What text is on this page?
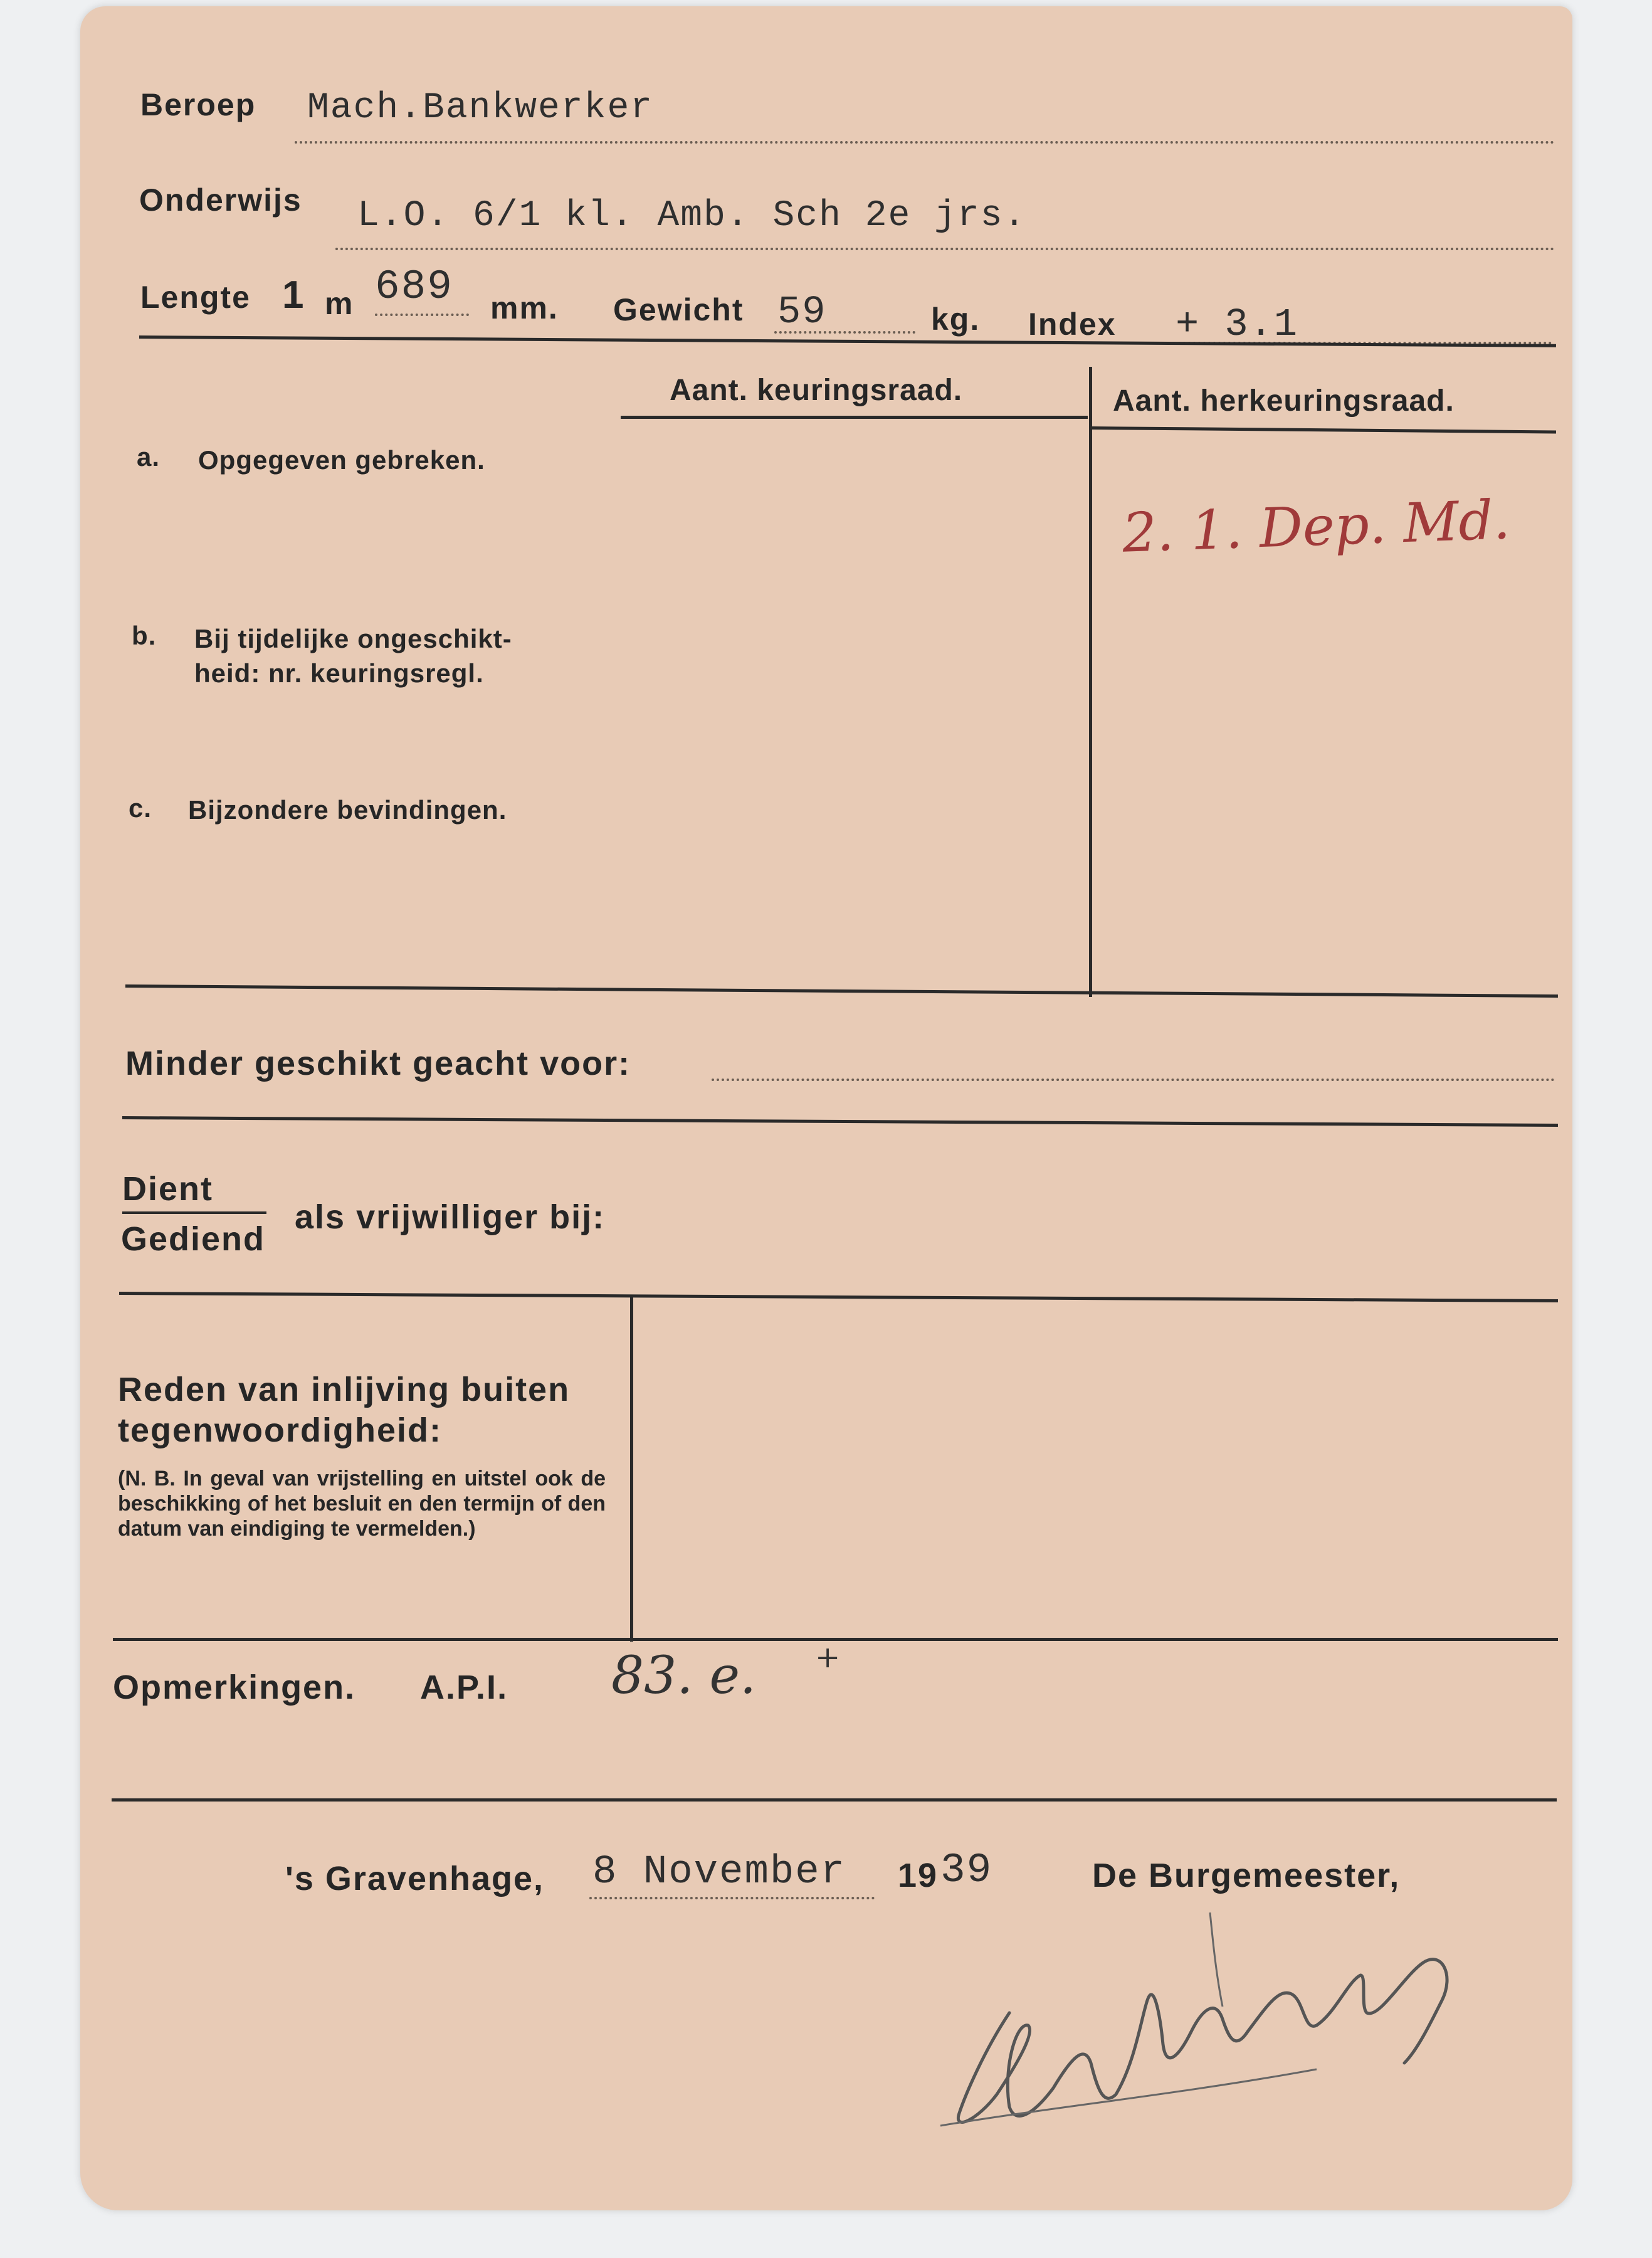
Beroep Mach.Bankwerker
Onderwijs L.O. 6/1 kl. Amb. Sch 2e jrs.
Lengte 1 m 689 mm. Gewicht 59	kg. Index + 3.1
Aant. keuringsraad.	Aant. herkeuringsraad.
a. Opgegeven gebreken.
2. 1. Dep. Md.
b. Bij tijdelijke ongeschikt-
heid: nr. keuringsregl.
c. Bijzondere bevindingen.
Minder geschikt geacht voor:
Dient
Gediend
als vrijwilliger bij:
Reden van inlijving buiten
tegenwoordigheid:
(N. B. In geval van vrijstelling en uitstel ook de beschikking of het besluit en den termijn of den datum van eindiging te vermelden.)
Opmerkingen. A.P.I. 83. e. +
's Gravenhage, 8 November 19 39	De Burgemeester,
